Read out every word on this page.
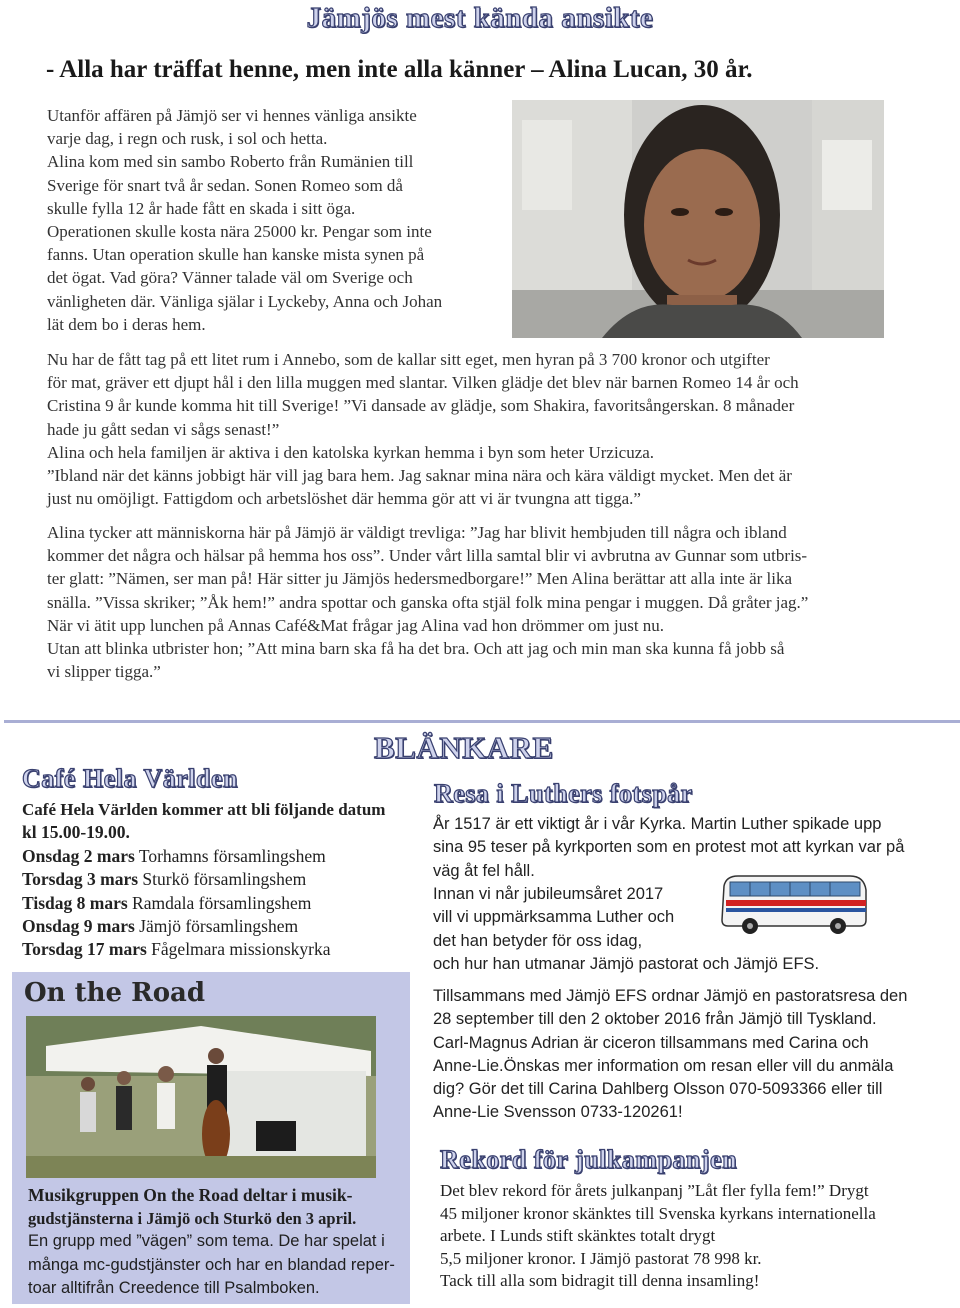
Jämjös mest kända ansikte
- Alla har träffat henne, men inte alla känner – Alina Lucan, 30 år.
Utanför affären på Jämjö ser vi hennes vänliga ansikte
varje dag, i regn och rusk, i sol och hetta.
Alina kom med sin sambo Roberto från Rumänien till
Sverige för snart två år sedan. Sonen Romeo som då
skulle fylla 12 år hade fått en skada i sitt öga.
Operationen skulle kosta nära 25000 kr. Pengar som inte
fanns. Utan operation skulle han kanske mista synen på
det ögat. Vad göra? Vänner talade väl om Sverige och
vänligheten där. Vänliga själar i Lyckeby, Anna och Johan
lät dem bo i deras hem.
Nu har de fått tag på ett litet rum i Annebo, som de kallar sitt eget, men hyran på 3 700 kronor och utgifter
för mat, gräver ett djupt hål i den lilla muggen med slantar. Vilken glädje det blev när barnen Romeo 14 år och
Cristina 9 år kunde komma hit till Sverige! ”Vi dansade av glädje, som Shakira, favoritsångerskan. 8 månader
hade ju gått sedan vi sågs senast!”
Alina och hela familjen är aktiva i den katolska kyrkan hemma i byn som heter Urzicuza.
”Ibland när det känns jobbigt här vill jag bara hem. Jag saknar mina nära och kära väldigt mycket. Men det är
just nu omöjligt. Fattigdom och arbetslöshet där hemma gör att vi är tvungna att tigga.”
Alina tycker att människorna här på Jämjö är väldigt trevliga: ”Jag har blivit hembjuden till några och ibland
kommer det några och hälsar på hemma hos oss”. Under vårt lilla samtal blir vi avbrutna av Gunnar som utbris-
ter glatt: ”Nämen, ser man på! Här sitter ju Jämjös hedersmedborgare!” Men Alina berättar att alla inte är lika
snälla. ”Vissa skriker; ”Åk hem!” andra spottar och ganska ofta stjäl folk mina pengar i muggen. Då gråter jag.”
När vi ätit upp lunchen på Annas Café&Mat frågar jag Alina vad hon drömmer om just nu.
Utan att blinka utbrister hon; ”Att mina barn ska få ha det bra. Och att jag och min man ska kunna få jobb så
vi slipper tigga.”
BLÄNKARE
Café Hela Världen
Café Hela Världen kommer att bli följande datum
kl 15.00-19.00.
Onsdag 2 mars Torhamns församlingshem
Torsdag 3 mars Sturkö församlingshem
Tisdag 8 mars Ramdala församlingshem
Onsdag 9 mars Jämjö församlingshem
Torsdag 17 mars Fågelmara missionskyrka
On the Road
Musikgruppen On the Road deltar i musik-
gudstjänsterna i Jämjö och Sturkö den 3 april.
En grupp med ”vägen” som tema. De har spelat i
många mc-gudstjänster och har en blandad reper-
toar alltifrån Creedence till Psalmboken.
Resa i Luthers fotspår
År 1517 är ett viktigt år i vår Kyrka. Martin Luther spikade upp
sina 95 teser på kyrkporten som en protest mot att kyrkan var på
väg åt fel håll.
Innan vi når jubileumsåret 2017
vill vi uppmärksamma Luther och
det han betyder för oss idag,
och hur han utmanar Jämjö pastorat och Jämjö EFS.
Tillsammans med Jämjö EFS ordnar Jämjö en pastoratsresa den
28 september till den 2 oktober 2016 från Jämjö till Tyskland.
Carl-Magnus Adrian är ciceron tillsammans med Carina och
Anne-Lie.Önskas mer information om resan eller vill du anmäla
dig? Gör det till Carina Dahlberg Olsson 070-5093366 eller till
Anne-Lie Svensson 0733-120261!
Rekord för julkampanjen
Det blev rekord för årets julkanpanj ”Låt fler fylla fem!” Drygt
45 miljoner kronor skänktes till Svenska kyrkans internationella
arbete. I Lunds stift skänktes totalt drygt
5,5 miljoner kronor. I Jämjö pastorat 78 998 kr.
Tack till alla som bidragit till denna insamling!
